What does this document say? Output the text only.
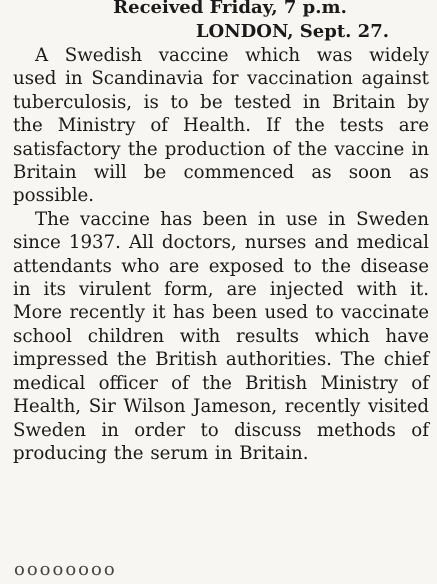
Received Friday, 7 p.m.

LONDON, Sept. 27.

A Swedish vaccine which was widely used in Scandinavia for vaccination against tuberculosis, is to be tested in Britain by the Ministry of Health. If the tests are satisfactory the production of the vaccine in Britain will be commenced as soon as possible.

The vaccine has been in use in Sweden since 1937. All doctors, nurses and medical attendants who are exposed to the disease in its virulent form, are injected with it. More recently it has been used to vaccinate school children with results which have impressed the British authorities. The chief medical officer of the British Ministry of Health, Sir Wilson Jameson, recently visited Sweden in order to discuss methods of producing the serum in Britain.

oooooooo
